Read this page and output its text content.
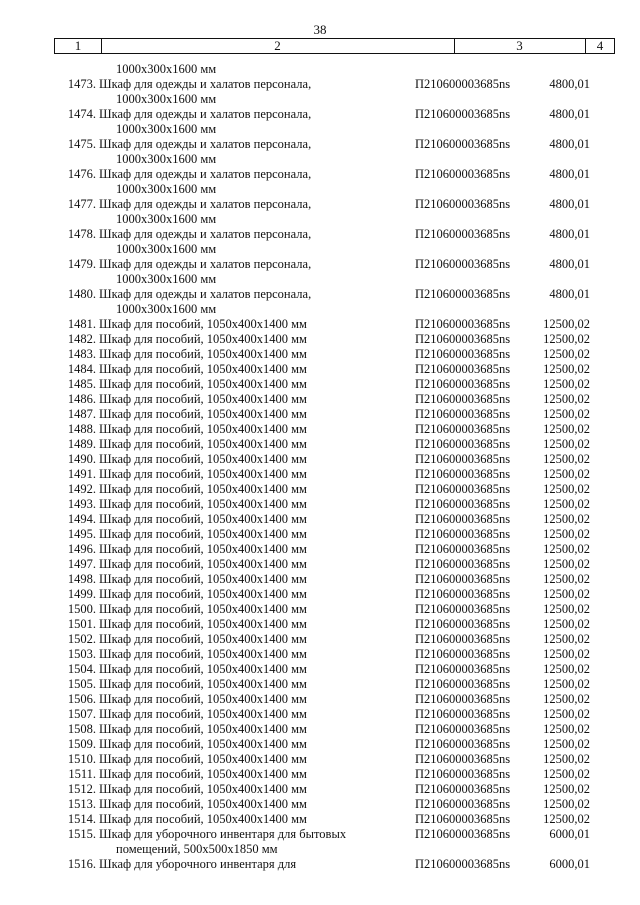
38
1	2	3	4
1000x300x1600 мм
1473. Шкаф для одежды и халатов персонала,	П210600003685ns	4800,01
1000x300x1600 мм
1474. Шкаф для одежды и халатов персонала,	П210600003685ns	4800,01
1000x300x1600 мм
1475. Шкаф для одежды и халатов персонала,	П210600003685ns	4800,01
1000x300x1600 мм
1476. Шкаф для одежды и халатов персонала,	П210600003685ns	4800,01
1000x300x1600 мм
1477. Шкаф для одежды и халатов персонала,	П210600003685ns	4800,01
1000x300x1600 мм
1478. Шкаф для одежды и халатов персонала,	П210600003685ns	4800,01
1000x300x1600 мм
1479. Шкаф для одежды и халатов персонала,	П210600003685ns	4800,01
1000x300x1600 мм
1480. Шкаф для одежды и халатов персонала,	П210600003685ns	4800,01
1000x300x1600 мм
1481. Шкаф для пособий, 1050x400x1400 мм	П210600003685ns	12500,02
1482. Шкаф для пособий, 1050x400x1400 мм	П210600003685ns	12500,02
1483. Шкаф для пособий, 1050x400x1400 мм	П210600003685ns	12500,02
1484. Шкаф для пособий, 1050x400x1400 мм	П210600003685ns	12500,02
1485. Шкаф для пособий, 1050x400x1400 мм	П210600003685ns	12500,02
1486. Шкаф для пособий, 1050x400x1400 мм	П210600003685ns	12500,02
1487. Шкаф для пособий, 1050x400x1400 мм	П210600003685ns	12500,02
1488. Шкаф для пособий, 1050x400x1400 мм	П210600003685ns	12500,02
1489. Шкаф для пособий, 1050x400x1400 мм	П210600003685ns	12500,02
1490. Шкаф для пособий, 1050x400x1400 мм	П210600003685ns	12500,02
1491. Шкаф для пособий, 1050x400x1400 мм	П210600003685ns	12500,02
1492. Шкаф для пособий, 1050x400x1400 мм	П210600003685ns	12500,02
1493. Шкаф для пособий, 1050x400x1400 мм	П210600003685ns	12500,02
1494. Шкаф для пособий, 1050x400x1400 мм	П210600003685ns	12500,02
1495. Шкаф для пособий, 1050x400x1400 мм	П210600003685ns	12500,02
1496. Шкаф для пособий, 1050x400x1400 мм	П210600003685ns	12500,02
1497. Шкаф для пособий, 1050x400x1400 мм	П210600003685ns	12500,02
1498. Шкаф для пособий, 1050x400x1400 мм	П210600003685ns	12500,02
1499. Шкаф для пособий, 1050x400x1400 мм	П210600003685ns	12500,02
1500. Шкаф для пособий, 1050x400x1400 мм	П210600003685ns	12500,02
1501. Шкаф для пособий, 1050x400x1400 мм	П210600003685ns	12500,02
1502. Шкаф для пособий, 1050x400x1400 мм	П210600003685ns	12500,02
1503. Шкаф для пособий, 1050x400x1400 мм	П210600003685ns	12500,02
1504. Шкаф для пособий, 1050x400x1400 мм	П210600003685ns	12500,02
1505. Шкаф для пособий, 1050x400x1400 мм	П210600003685ns	12500,02
1506. Шкаф для пособий, 1050x400x1400 мм	П210600003685ns	12500,02
1507. Шкаф для пособий, 1050x400x1400 мм	П210600003685ns	12500,02
1508. Шкаф для пособий, 1050x400x1400 мм	П210600003685ns	12500,02
1509. Шкаф для пособий, 1050x400x1400 мм	П210600003685ns	12500,02
1510. Шкаф для пособий, 1050x400x1400 мм	П210600003685ns	12500,02
1511. Шкаф для пособий, 1050x400x1400 мм	П210600003685ns	12500,02
1512. Шкаф для пособий, 1050x400x1400 мм	П210600003685ns	12500,02
1513. Шкаф для пособий, 1050x400x1400 мм	П210600003685ns	12500,02
1514. Шкаф для пособий, 1050x400x1400 мм	П210600003685ns	12500,02
1515. Шкаф для уборочного инвентаря для бытовых	П210600003685ns	6000,01
помещений, 500x500x1850 мм
1516. Шкаф для уборочного инвентаря для	П210600003685ns	6000,01
